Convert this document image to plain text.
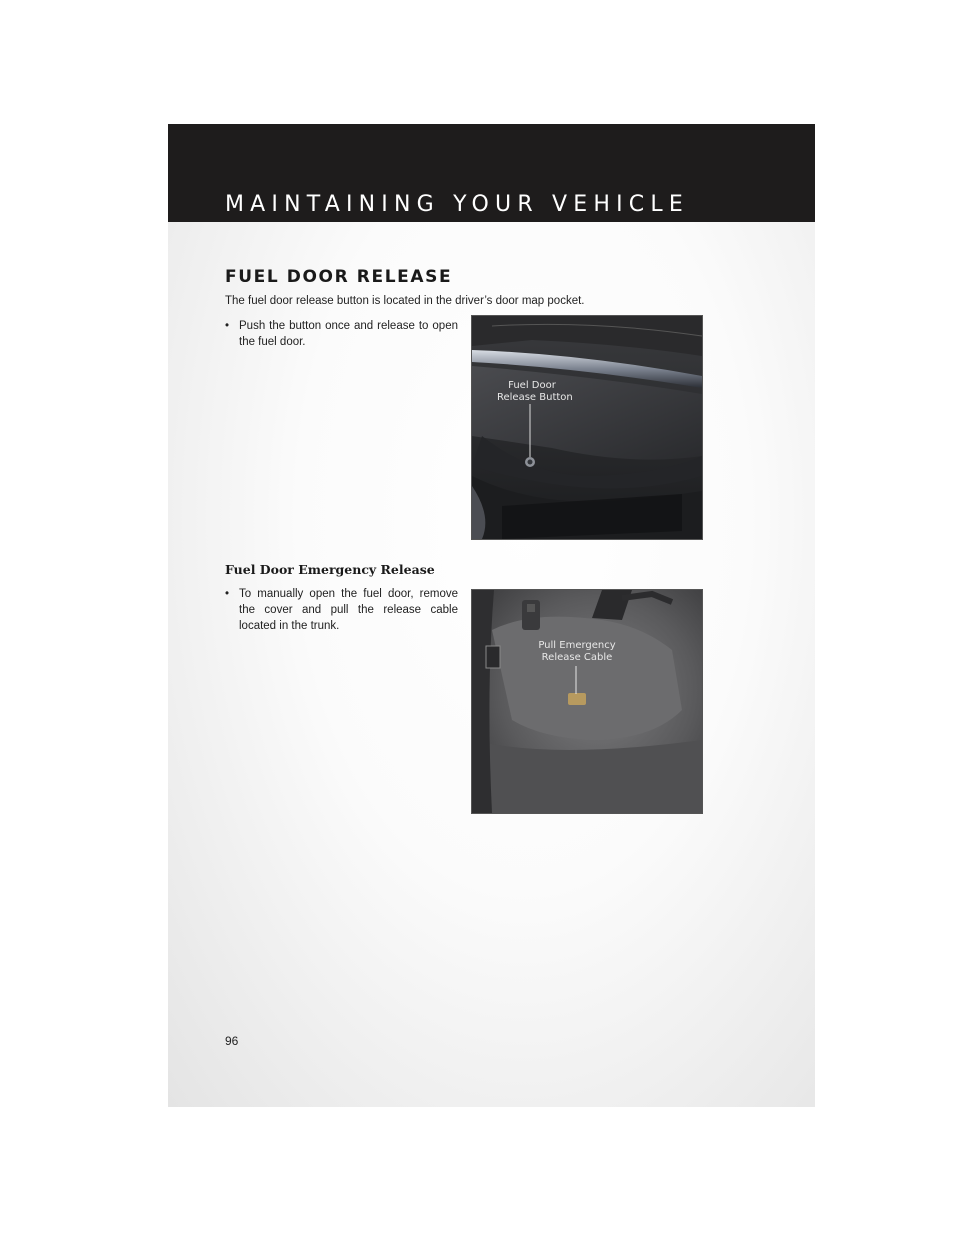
MAINTAINING YOUR VEHICLE
FUEL DOOR RELEASE
The fuel door release button is located in the driver’s door map pocket.
• Push the button once and release to open the fuel door.
Fuel Door
Release Button
Fuel Door Emergency Release
• To manually open the fuel door, remove the cover and pull the release cable located in the trunk.
Pull Emergency
Release Cable
96
